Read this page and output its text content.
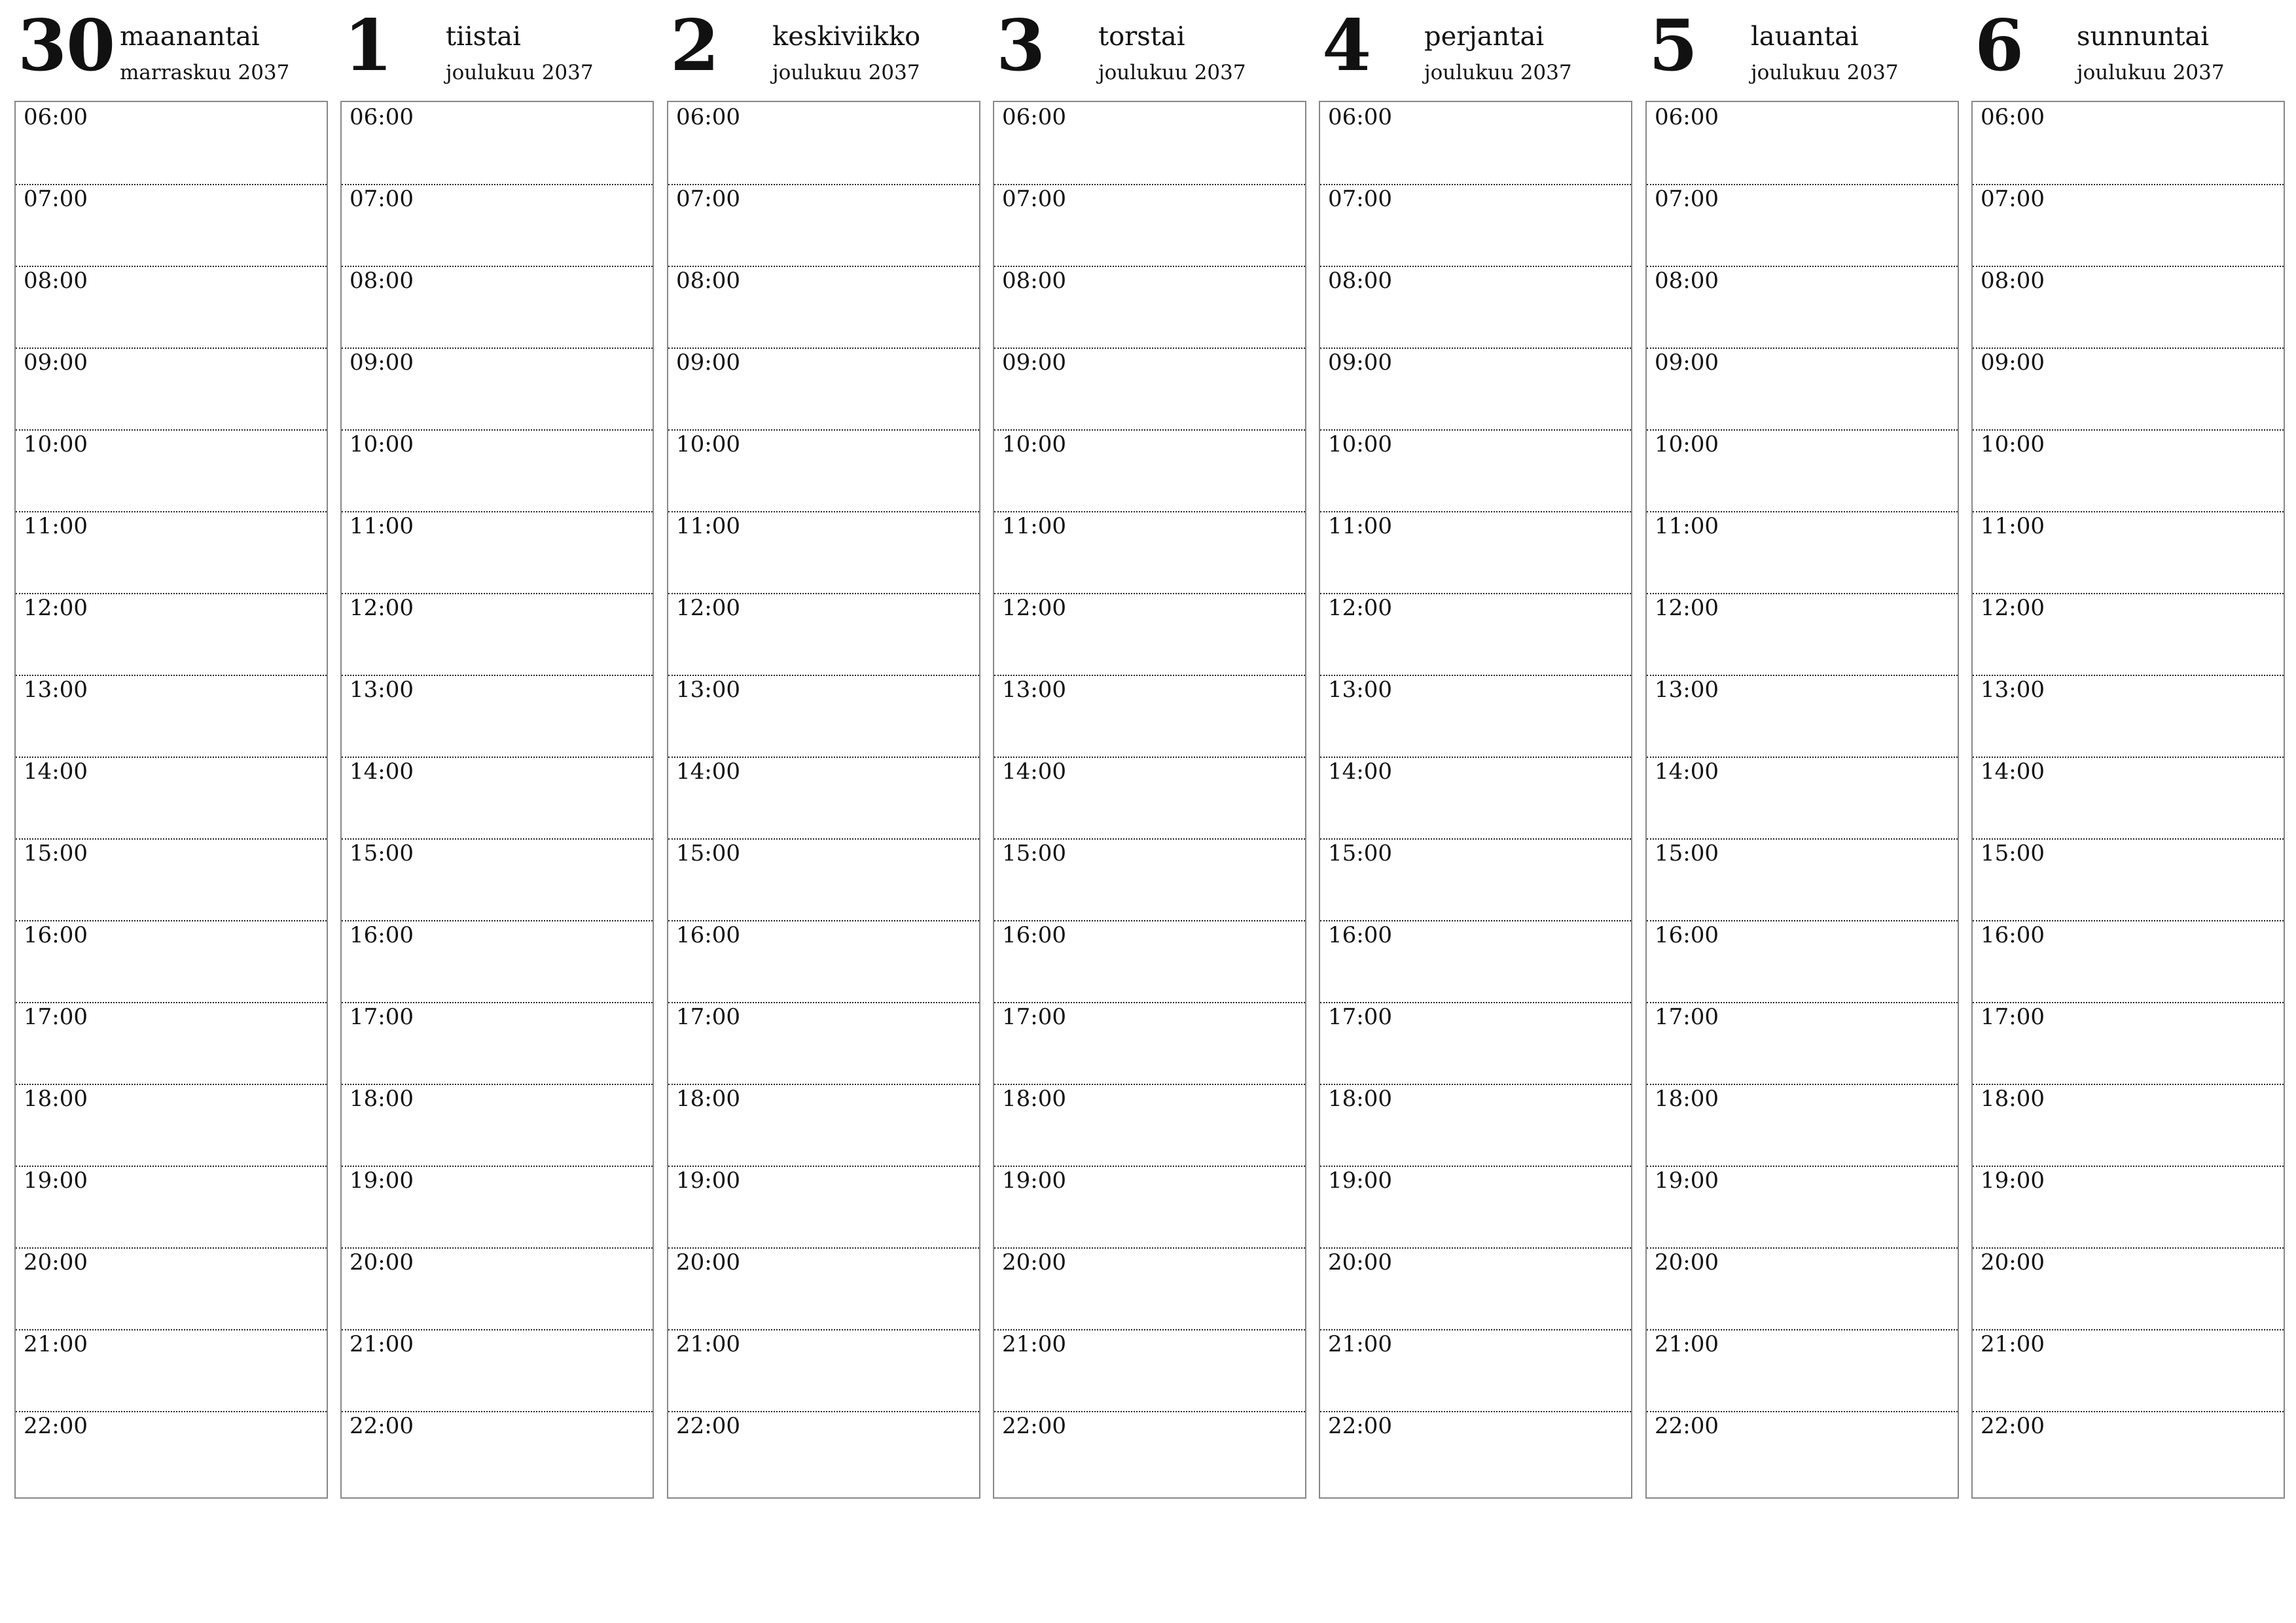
30 maanantai
marraskuu 2037
06:00
07:00
08:00
09:00
10:00
11:00
12:00
13:00
14:00
15:00
16:00
17:00
18:00
19:00
20:00
21:00
22:00
1 tiistai
joulukuu 2037
06:00
07:00
08:00
09:00
10:00
11:00
12:00
13:00
14:00
15:00
16:00
17:00
18:00
19:00
20:00
21:00
22:00
2 keskiviikko
joulukuu 2037
06:00
07:00
08:00
09:00
10:00
11:00
12:00
13:00
14:00
15:00
16:00
17:00
18:00
19:00
20:00
21:00
22:00
3 torstai
joulukuu 2037
06:00
07:00
08:00
09:00
10:00
11:00
12:00
13:00
14:00
15:00
16:00
17:00
18:00
19:00
20:00
21:00
22:00
4 perjantai
joulukuu 2037
06:00
07:00
08:00
09:00
10:00
11:00
12:00
13:00
14:00
15:00
16:00
17:00
18:00
19:00
20:00
21:00
22:00
5 lauantai
joulukuu 2037
06:00
07:00
08:00
09:00
10:00
11:00
12:00
13:00
14:00
15:00
16:00
17:00
18:00
19:00
20:00
21:00
22:00
6 sunnuntai
joulukuu 2037
06:00
07:00
08:00
09:00
10:00
11:00
12:00
13:00
14:00
15:00
16:00
17:00
18:00
19:00
20:00
21:00
22:00
